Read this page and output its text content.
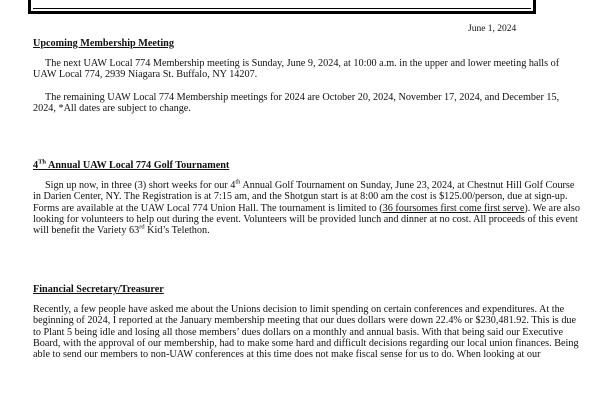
June 1, 2024
Upcoming Membership Meeting

The next UAW Local 774 Membership meeting is Sunday, June 9, 2024, at 10:00 a.m. in the upper and lower meeting halls of UAW Local 774, 2939 Niagara St. Buffalo, NY 14207.

The remaining UAW Local 774 Membership meetings for 2024 are October 20, 2024, November 17, 2024, and December 15, 2024, *All dates are subject to change.

4Th Annual UAW Local 774 Golf Tournament

Sign up now, in three (3) short weeks for our 4th Annual Golf Tournament on Sunday, June 23, 2024, at Chestnut Hill Golf Course in Darien Center, NY. The Registration is at 7:15 am, and the Shotgun start is at 8:00 am the cost is $125.00/person, due at sign-up. Forms are available at the UAW Local 774 Union Hall. The tournament is limited to (36 foursomes first come first serve). We are also looking for volunteers to help out during the event. Volunteers will be provided lunch and dinner at no cost. All proceeds of this event will benefit the Variety 63rd Kid’s Telethon.

Financial Secretary/Treasurer

Recently, a few people have asked me about the Unions decision to limit spending on certain conferences and expenditures. At the beginning of 2024, I reported at the January membership meeting that our dues dollars were down 22.4% or $230,481.92. This is due to Plant 5 being idle and losing all those members’ dues dollars on a monthly and annual basis. With that being said our Executive Board, with the approval of our membership, had to make some hard and difficult decisions regarding our local union finances. Being able to send our members to non-UAW conferences at this time does not make fiscal sense for us to do. When looking at our
